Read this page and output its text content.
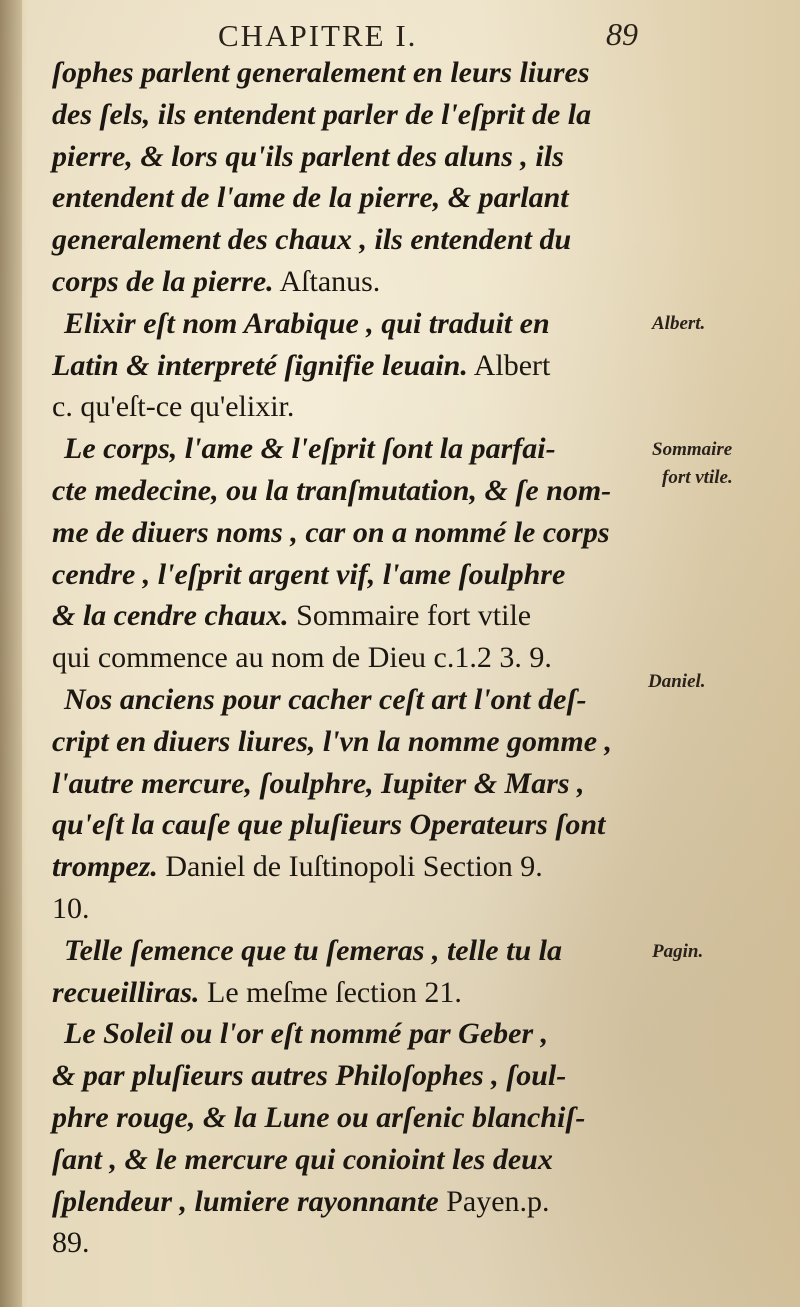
CHAPITRE I.	89
ſophes parlent generalement en leurs liures
des ſels, ils entendent parler de l'eſprit de la
pierre, & lors qu'ils parlent des aluns , ils
entendent de l'ame de la pierre, & parlant
generalement des chaux , ils entendent du
corps de la pierre. Aſtanus.
Elixir eſt nom Arabique , qui traduit en
Latin & interpreté ſignifie leuain. Albert
c. qu'eſt-ce qu'elixir.
Le corps, l'ame & l'eſprit ſont la parfai-
cte medecine, ou la tranſmutation, & ſe nom-
me de diuers noms , car on a nommé le corps
cendre , l'eſprit argent vif, l'ame ſoulphre
& la cendre chaux. Sommaire fort vtile
qui commence au nom de Dieu c.1.2 3. 9.
Nos anciens pour cacher ceſt art l'ont deſ-
cript en diuers liures, l'vn la nomme gomme ,
l'autre mercure, ſoulphre, Iupiter & Mars ,
qu'eſt la cauſe que pluſieurs Operateurs ſont
trompez. Daniel de Iuſtinopoli Section 9.
10.
Telle ſemence que tu ſemeras , telle tu la
recueilliras. Le meſme ſection 21.
Le Soleil ou l'or eſt nommé par Geber ,
& par pluſieurs autres Philoſophes , ſoul-
phre rouge, & la Lune ou arſenic blanchiſ-
ſant , & le mercure qui conioint les deux
ſplendeur , lumiere rayonnante Payen.p.
89.
Albert.
Sommaire
fort vtile.
Daniel.
Pagin.
